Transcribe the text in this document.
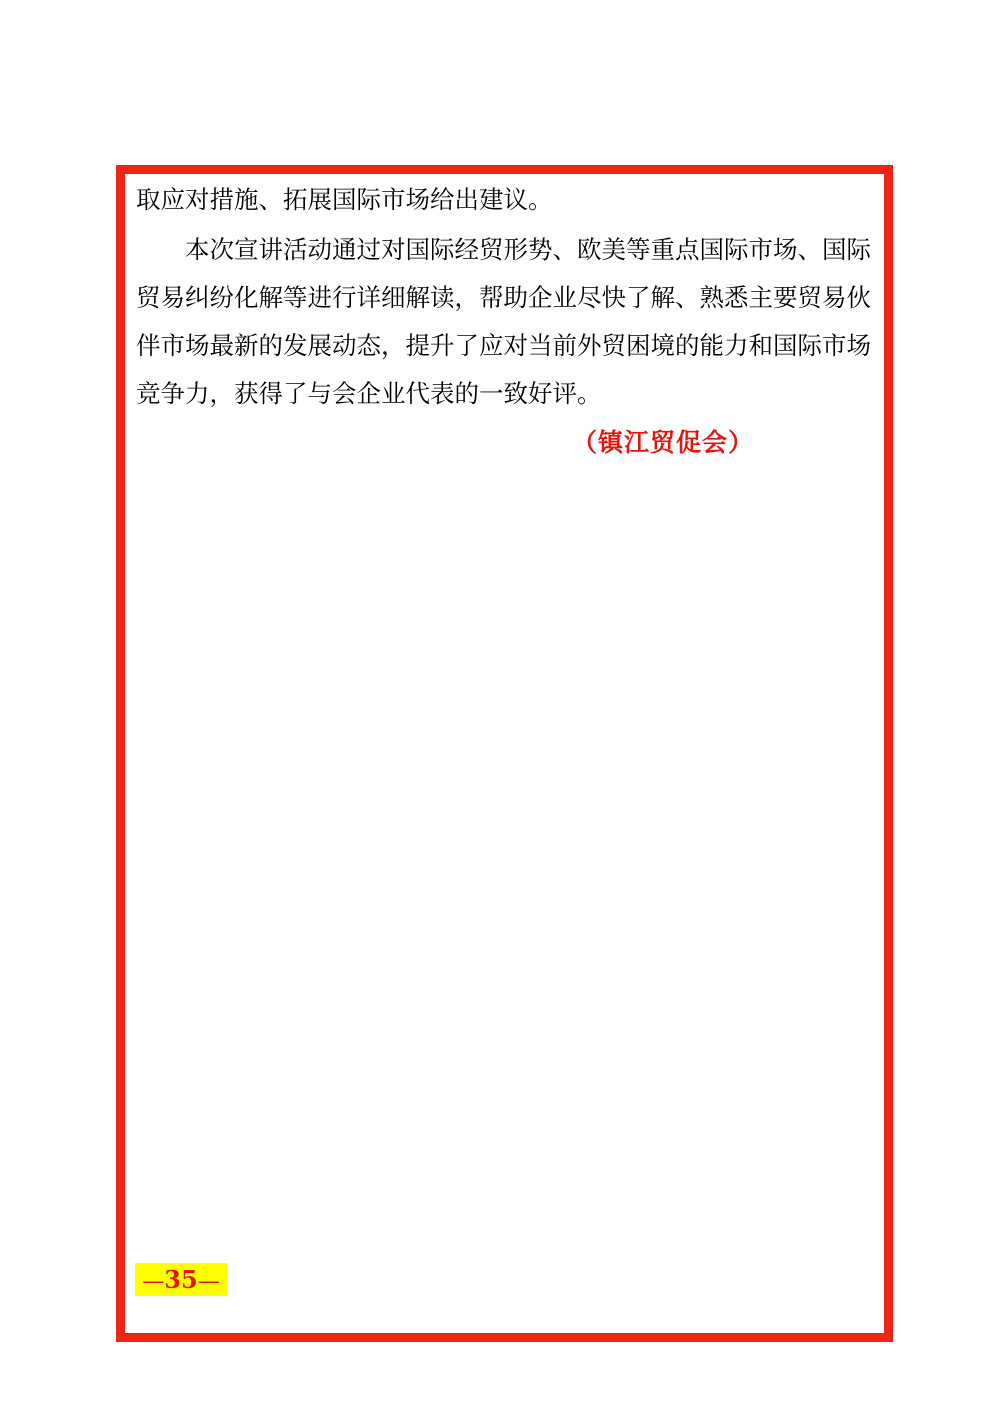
取应对措施、拓展国际市场给出建议。

本次宣讲活动通过对国际经贸形势、欧美等重点国际市场、国际贸易纠纷化解等进行详细解读，帮助企业尽快了解、熟悉主要贸易伙伴市场最新的发展动态，提升了应对当前外贸困境的能力和国际市场竞争力，获得了与会企业代表的一致好评。

（镇江贸促会）
—35—
